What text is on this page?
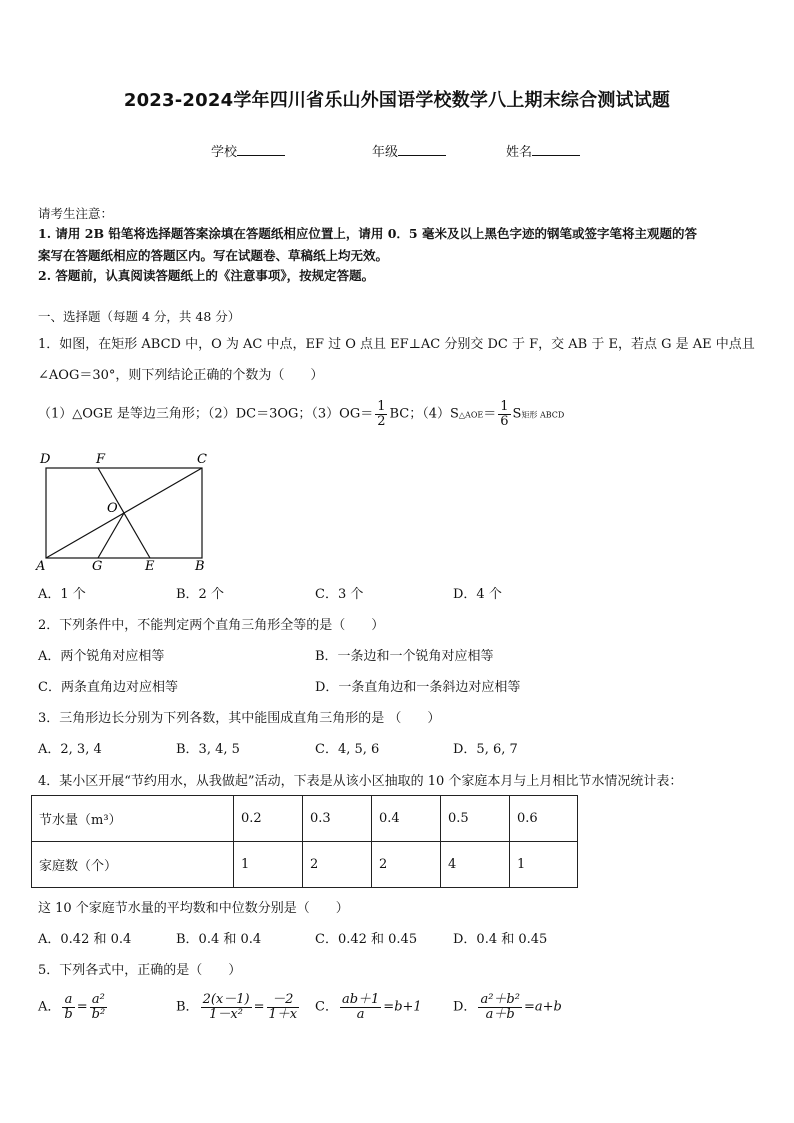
2023-2024学年四川省乐山外国语学校数学八上期末综合测试试题
学校	年级	姓名
请考生注意：
1. 请用 2B 铅笔将选择题答案涂填在答题纸相应位置上，请用 0．5 毫米及以上黑色字迹的钢笔或签字笔将主观题的答
案写在答题纸相应的答题区内。写在试题卷、草稿纸上均无效。
2. 答题前，认真阅读答题纸上的《注意事项》，按规定答题。
一、选择题（每题 4 分，共 48 分）
1．如图，在矩形 ABCD 中，O 为 AC 中点，EF 过 O 点且 EF⊥AC 分别交 DC 于 F，交 AB 于 E，若点 G 是 AE 中点且
∠AOG＝30°，则下列结论正确的个数为（　　）
（1）△OGE 是等边三角形；（2）DC＝3OG；$(3)OG= \frac{1}{2}$ BC；（4）S△AOE＝ $\frac{1}{6}$ S矩形 ABCD
D	F	C
O
A	G	E	B
A．1 个	B．2 个	C．3 个	D．4 个
2．下列条件中，不能判定两个直角三角形全等的是（　　）
A．两个锐角对应相等	B．一条边和一个锐角对应相等
C．两条直角边对应相等	D．一条直角边和一条斜边对应相等
3．三角形边长分别为下列各数，其中能围成直角三角形的是 （　　）
A．2, 3, 4	B．3, 4, 5	C．4, 5, 6	D．5, 6, 7
4．某小区开展“节约用水，从我做起”活动，下表是从该小区抽取的 10 个家庭本月与上月相比节水情况统计表：
节水量（m³）	0.2	0.3	0.4	0.5	0.6
家庭数（个）	1	2	2	4	1
这 10 个家庭节水量的平均数和中位数分别是（　　）
A．0.42 和 0.4	B．0.4 和 0.4	C．0.42 和 0.45	D．0.4 和 0.45
5．下列各式中，正确的是（　　）
A． $\frac{a}{b} = \frac{\text{a²}}{\text{b²}}$	B． $\frac{2(x-1)}{\text{1－x²}} = \frac{-2}{1+x}$ C． $\frac{ab+1}{a} =b+1$ D． $\frac{\text{a²＋b²}}{a+b} =a+b$
